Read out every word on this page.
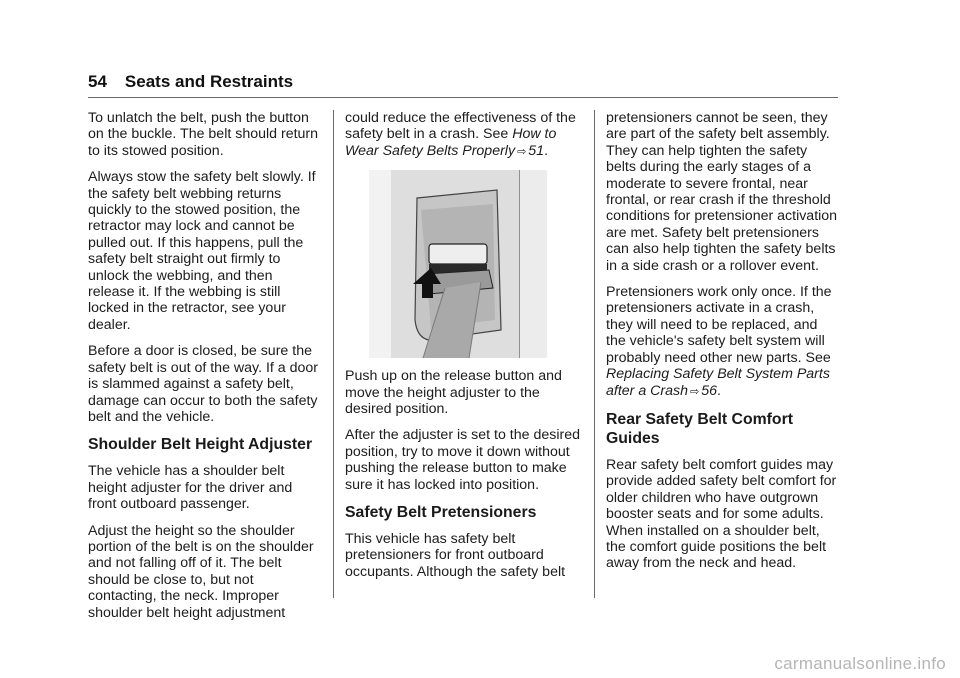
54 Seats and Restraints

To unlatch the belt, push the button on the buckle. The belt should return to its stowed position.

Always stow the safety belt slowly. If the safety belt webbing returns quickly to the stowed position, the retractor may lock and cannot be pulled out. If this happens, pull the safety belt straight out firmly to unlock the webbing, and then release it. If the webbing is still locked in the retractor, see your dealer.

Before a door is closed, be sure the safety belt is out of the way. If a door is slammed against a safety belt, damage can occur to both the safety belt and the vehicle.

Shoulder Belt Height Adjuster

The vehicle has a shoulder belt height adjuster for the driver and front outboard passenger.

Adjust the height so the shoulder portion of the belt is on the shoulder and not falling off of it. The belt should be close to, but not contacting, the neck. Improper shoulder belt height adjustment

could reduce the effectiveness of the safety belt in a crash. See How to Wear Safety Belts Properly ⇨ 51.

Push up on the release button and move the height adjuster to the desired position.

After the adjuster is set to the desired position, try to move it down without pushing the release button to make sure it has locked into position.

Safety Belt Pretensioners

This vehicle has safety belt pretensioners for front outboard occupants. Although the safety belt

pretensioners cannot be seen, they are part of the safety belt assembly. They can help tighten the safety belts during the early stages of a moderate to severe frontal, near frontal, or rear crash if the threshold conditions for pretensioner activation are met. Safety belt pretensioners can also help tighten the safety belts in a side crash or a rollover event.

Pretensioners work only once. If the pretensioners activate in a crash, they will need to be replaced, and the vehicle's safety belt system will probably need other new parts. See Replacing Safety Belt System Parts after a Crash ⇨ 56.

Rear Safety Belt Comfort Guides

Rear safety belt comfort guides may provide added safety belt comfort for older children who have outgrown booster seats and for some adults. When installed on a shoulder belt, the comfort guide positions the belt away from the neck and head.

carmanualsonline.info
